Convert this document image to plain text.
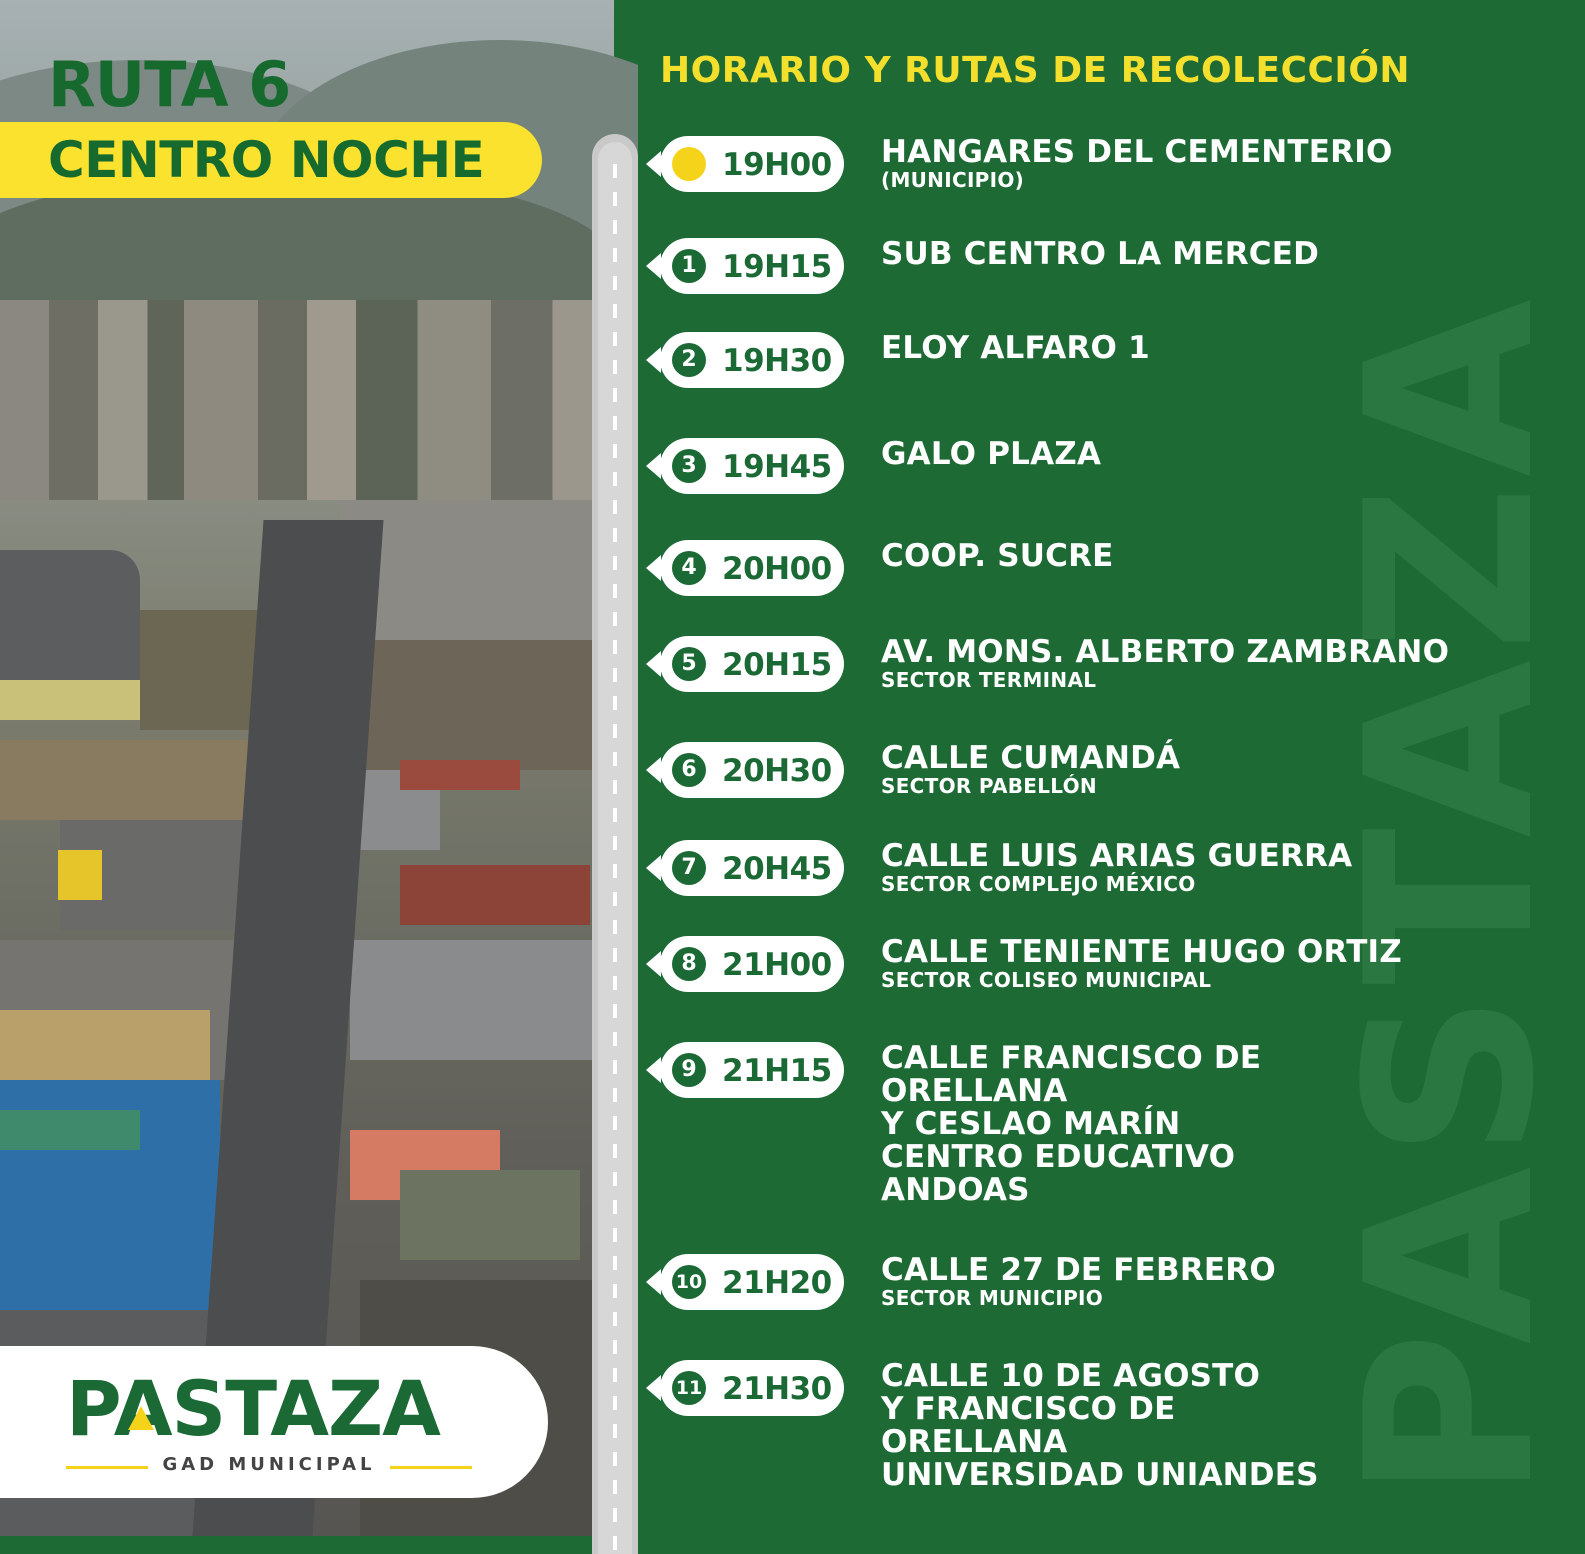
RUTA 6
CENTRO NOCHE
PASTAZA
GAD MUNICIPAL	PASTAZA
HORARIO Y RUTAS DE RECOLECCIÓN
19H00 HANGARES DEL CEMENTERIO
(MUNICIPIO)
1 19H15 SUB CENTRO LA MERCED
2 19H30 ELOY ALFARO 1
3 19H45 GALO PLAZA
4 20H00 COOP. SUCRE
5 20H15 AV. MONS. ALBERTO ZAMBRANO
SECTOR TERMINAL
6 20H30 CALLE CUMANDÁ
SECTOR PABELLÓN
7 20H45 CALLE LUIS ARIAS GUERRA
SECTOR COMPLEJO MÉXICO
8 21H00 CALLE TENIENTE HUGO ORTIZ
SECTOR COLISEO MUNICIPAL
9 21H15 CALLE FRANCISCO DE
ORELLANA
Y CESLAO MARÍN
CENTRO EDUCATIVO
ANDOAS
10 21H20 CALLE 27 DE FEBRERO
SECTOR MUNICIPIO
11 21H30 CALLE 10 DE AGOSTO
Y FRANCISCO DE
ORELLANA
UNIVERSIDAD UNIANDES
